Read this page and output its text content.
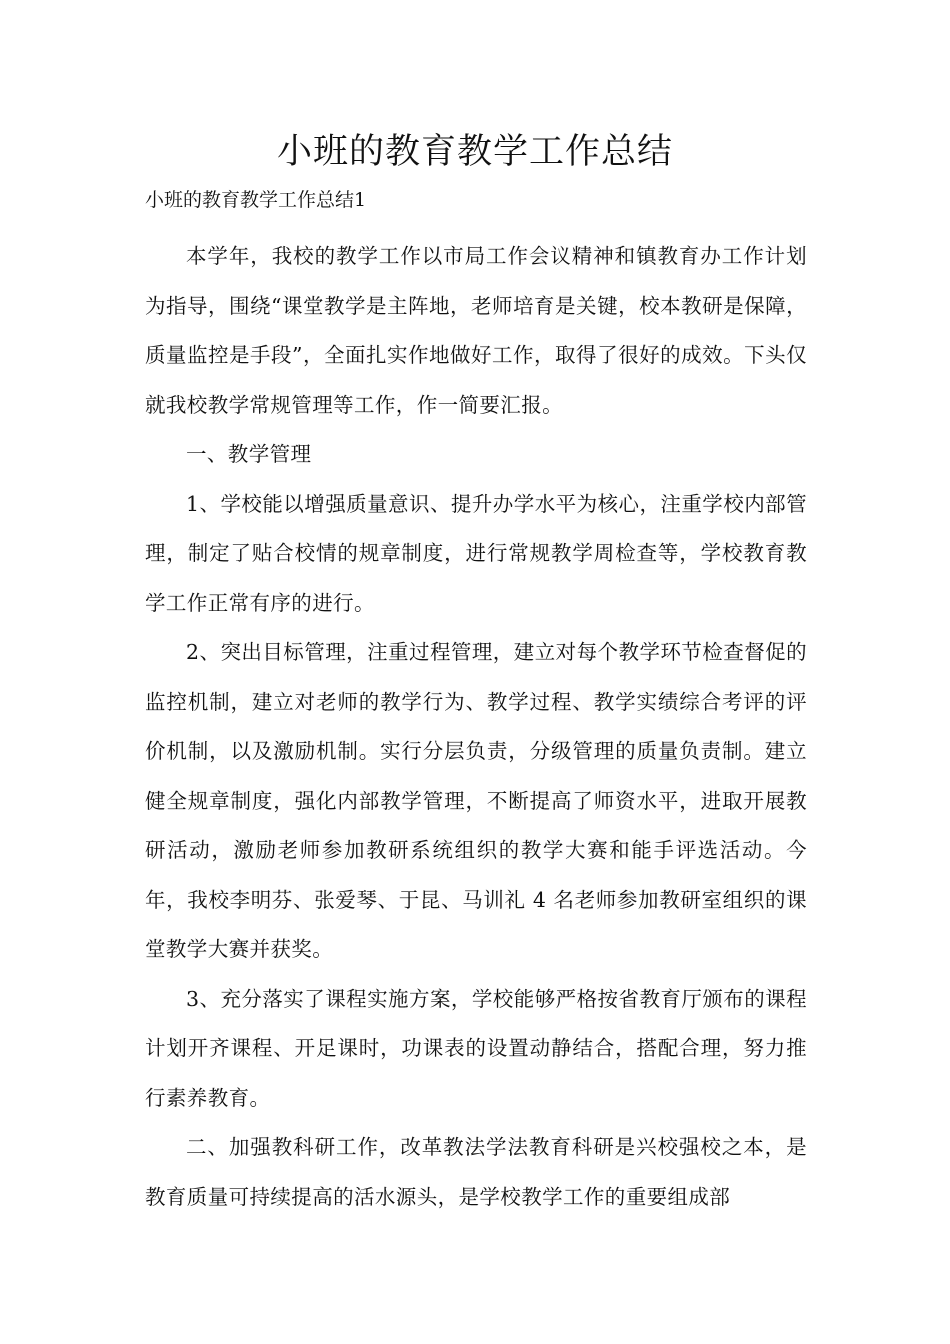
小班的教育教学工作总结

小班的教育教学工作总结1

本学年，我校的教学工作以市局工作会议精神和镇教育办工作计划为指导，围绕“课堂教学是主阵地，老师培育是关键，校本教研是保障，质量监控是手段”，全面扎实作地做好工作，取得了很好的成效。下头仅就我校教学常规管理等工作，作一简要汇报。

一、教学管理

1、学校能以增强质量意识、提升办学水平为核心，注重学校内部管理，制定了贴合校情的规章制度，进行常规教学周检查等，学校教育教学工作正常有序的进行。

2、突出目标管理，注重过程管理，建立对每个教学环节检查督促的监控机制，建立对老师的教学行为、教学过程、教学实绩综合考评的评价机制，以及激励机制。实行分层负责，分级管理的质量负责制。建立健全规章制度，强化内部教学管理，不断提高了师资水平，进取开展教研活动，激励老师参加教研系统组织的教学大赛和能手评选活动。今年，我校李明芬、张爱琴、于昆、马训礼 4 名老师参加教研室组织的课堂教学大赛并获奖。

3、充分落实了课程实施方案，学校能够严格按省教育厅颁布的课程计划开齐课程、开足课时，功课表的设置动静结合，搭配合理，努力推行素养教育。

二、加强教科研工作，改革教法学法教育科研是兴校强校之本，是教育质量可持续提高的活水源头，是学校教学工作的重要组成部
